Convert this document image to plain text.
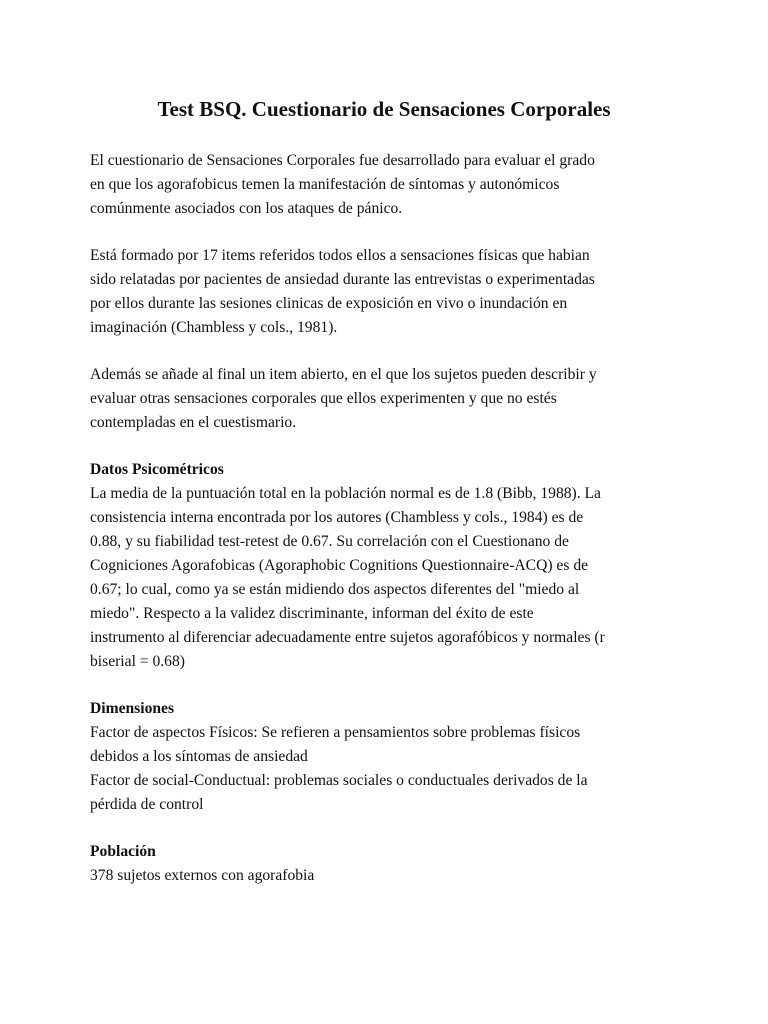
Test BSQ. Cuestionario de Sensaciones Corporales

El cuestionario de Sensaciones Corporales fue desarrollado para evaluar el grado
en que los agorafobicus temen la manifestación de síntomas y autonómicos
comúnmente asociados con los ataques de pánico.

Está formado por 17 items referidos todos ellos a sensaciones físicas que habian
sido relatadas por pacientes de ansiedad durante las entrevistas o experimentadas
por ellos durante las sesiones clinicas de exposición en vivo o inundación en
imaginación (Chambless y cols., 1981).

Además se añade al final un item abierto, en el que los sujetos pueden describir y
evaluar otras sensaciones corporales que ellos experimenten y que no estés
contempladas en el cuestismario.

Datos Psicométricos
La media de la puntuación total en la población normal es de 1.8 (Bibb, 1988). La
consistencia interna encontrada por los autores (Chambless y cols., 1984) es de
0.88, y su fiabilidad test-retest de 0.67. Su correlación con el Cuestionano de
Cogniciones Agorafobicas (Agoraphobic Cognitions Questionnaire-ACQ) es de
0.67; lo cual, como ya se están midiendo dos aspectos diferentes del "miedo al
miedo". Respecto a la validez discriminante, informan del éxito de este
instrumento al diferenciar adecuadamente entre sujetos agorafóbicos y normales (r
biserial = 0.68)
Dimensiones
Factor de aspectos Físicos: Se refieren a pensamientos sobre problemas físicos
debidos a los síntomas de ansiedad
Factor de social-Conductual: problemas sociales o conductuales derivados de la
pérdida de control
Población
378 sujetos externos con agorafobia
